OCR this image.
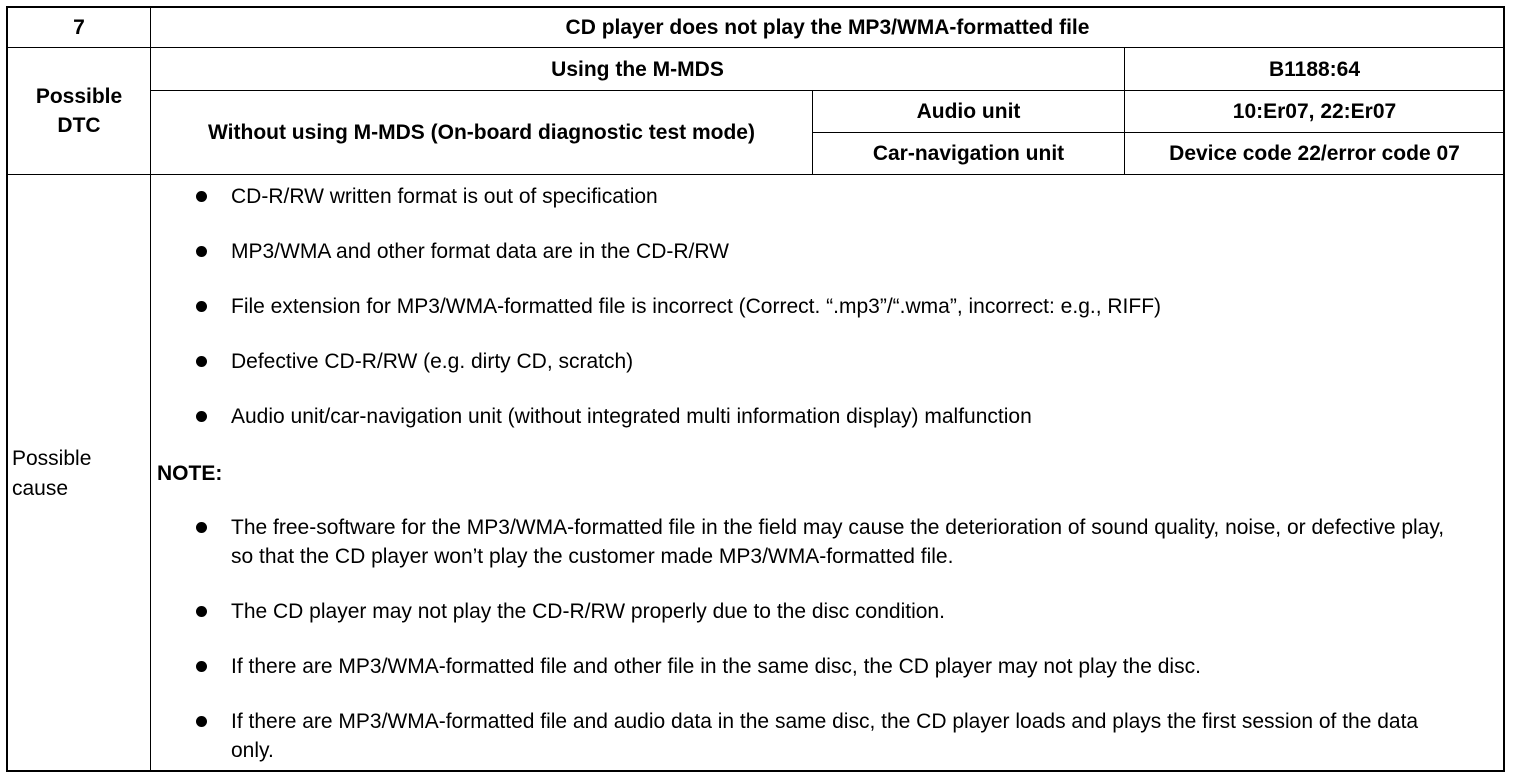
7	CD player does not play the MP3/WMA-formatted file
Possible DTC
Using the M-MDS	B1188:64
Without using M-MDS (On-board diagnostic test mode)
Audio unit	10:Er07, 22:Er07
Car-navigation unit	Device code 22/error code 07
Possible cause
CD-R/RW written format is out of specification
MP3/WMA and other format data are in the CD-R/RW
File extension for MP3/WMA-formatted file is incorrect (Correct. “.mp3”/“.wma”, incorrect: e.g., RIFF)
Defective CD-R/RW (e.g. dirty CD, scratch)
Audio unit/car-navigation unit (without integrated multi information display) malfunction
NOTE:
The free-software for the MP3/WMA-formatted file in the field may cause the deterioration of sound quality, noise, or defective play, so that the CD player won’t play the customer made MP3/WMA-formatted file.
The CD player may not play the CD-R/RW properly due to the disc condition.
If there are MP3/WMA-formatted file and other file in the same disc, the CD player may not play the disc.
If there are MP3/WMA-formatted file and audio data in the same disc, the CD player loads and plays the first session of the data only.
